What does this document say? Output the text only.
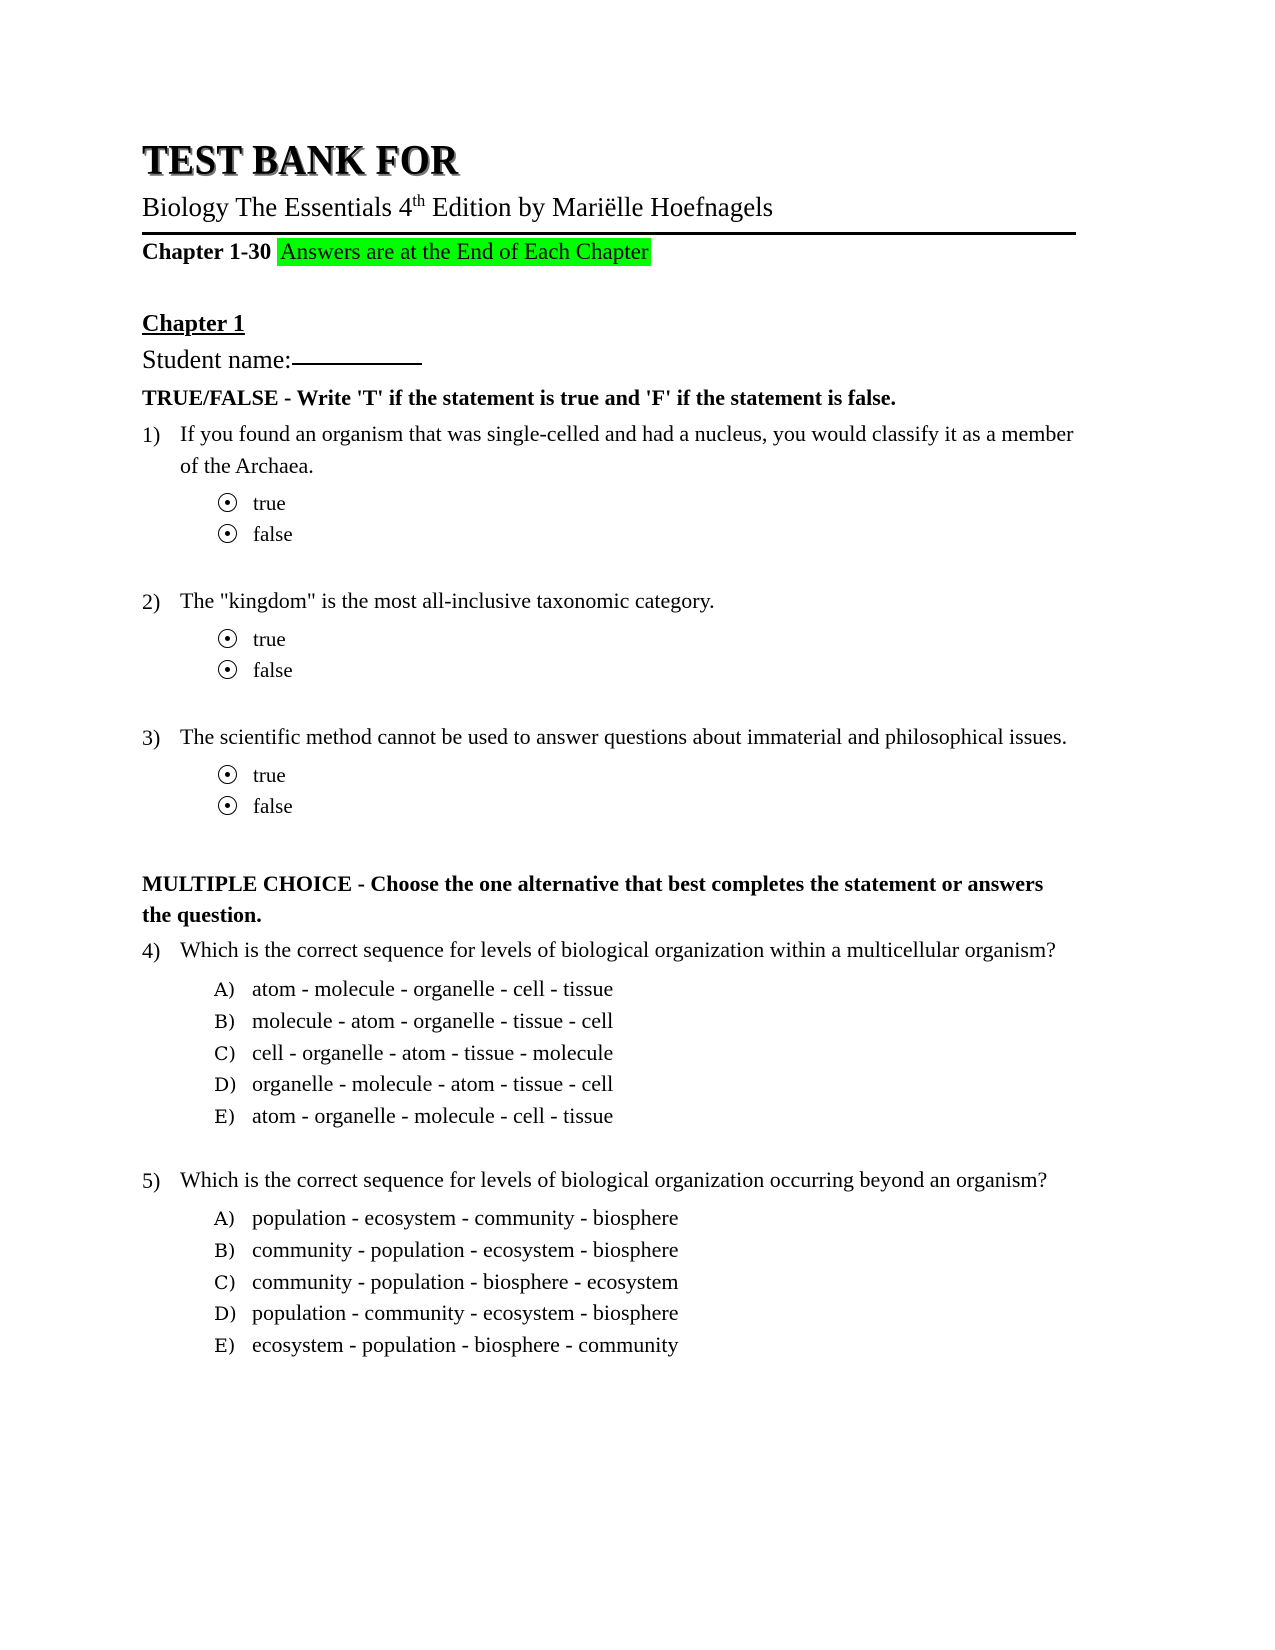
TEST BANK FOR
Biology The Essentials 4th Edition by Mariëlle Hoefnagels
Chapter 1-30 Answers are at the End of Each Chapter
Chapter 1
Student name:
TRUE/FALSE - Write 'T' if the statement is true and 'F' if the statement is false.
1) If you found an organism that was single-celled and had a nucleus, you would classify it as a member of the Archaea.
true
false
2) The "kingdom" is the most all-inclusive taxonomic category.
true
false
3) The scientific method cannot be used to answer questions about immaterial and philosophical issues.
true
false
MULTIPLE CHOICE - Choose the one alternative that best completes the statement or answers the question.
4) Which is the correct sequence for levels of biological organization within a multicellular organism?
A) atom - molecule - organelle - cell - tissue
B) molecule - atom - organelle - tissue - cell
C) cell - organelle - atom - tissue - molecule
D) organelle - molecule - atom - tissue - cell
E) atom - organelle - molecule - cell - tissue
5) Which is the correct sequence for levels of biological organization occurring beyond an organism?
A) population - ecosystem - community - biosphere
B) community - population - ecosystem - biosphere
C) community - population - biosphere - ecosystem
D) population - community - ecosystem - biosphere
E) ecosystem - population - biosphere - community
